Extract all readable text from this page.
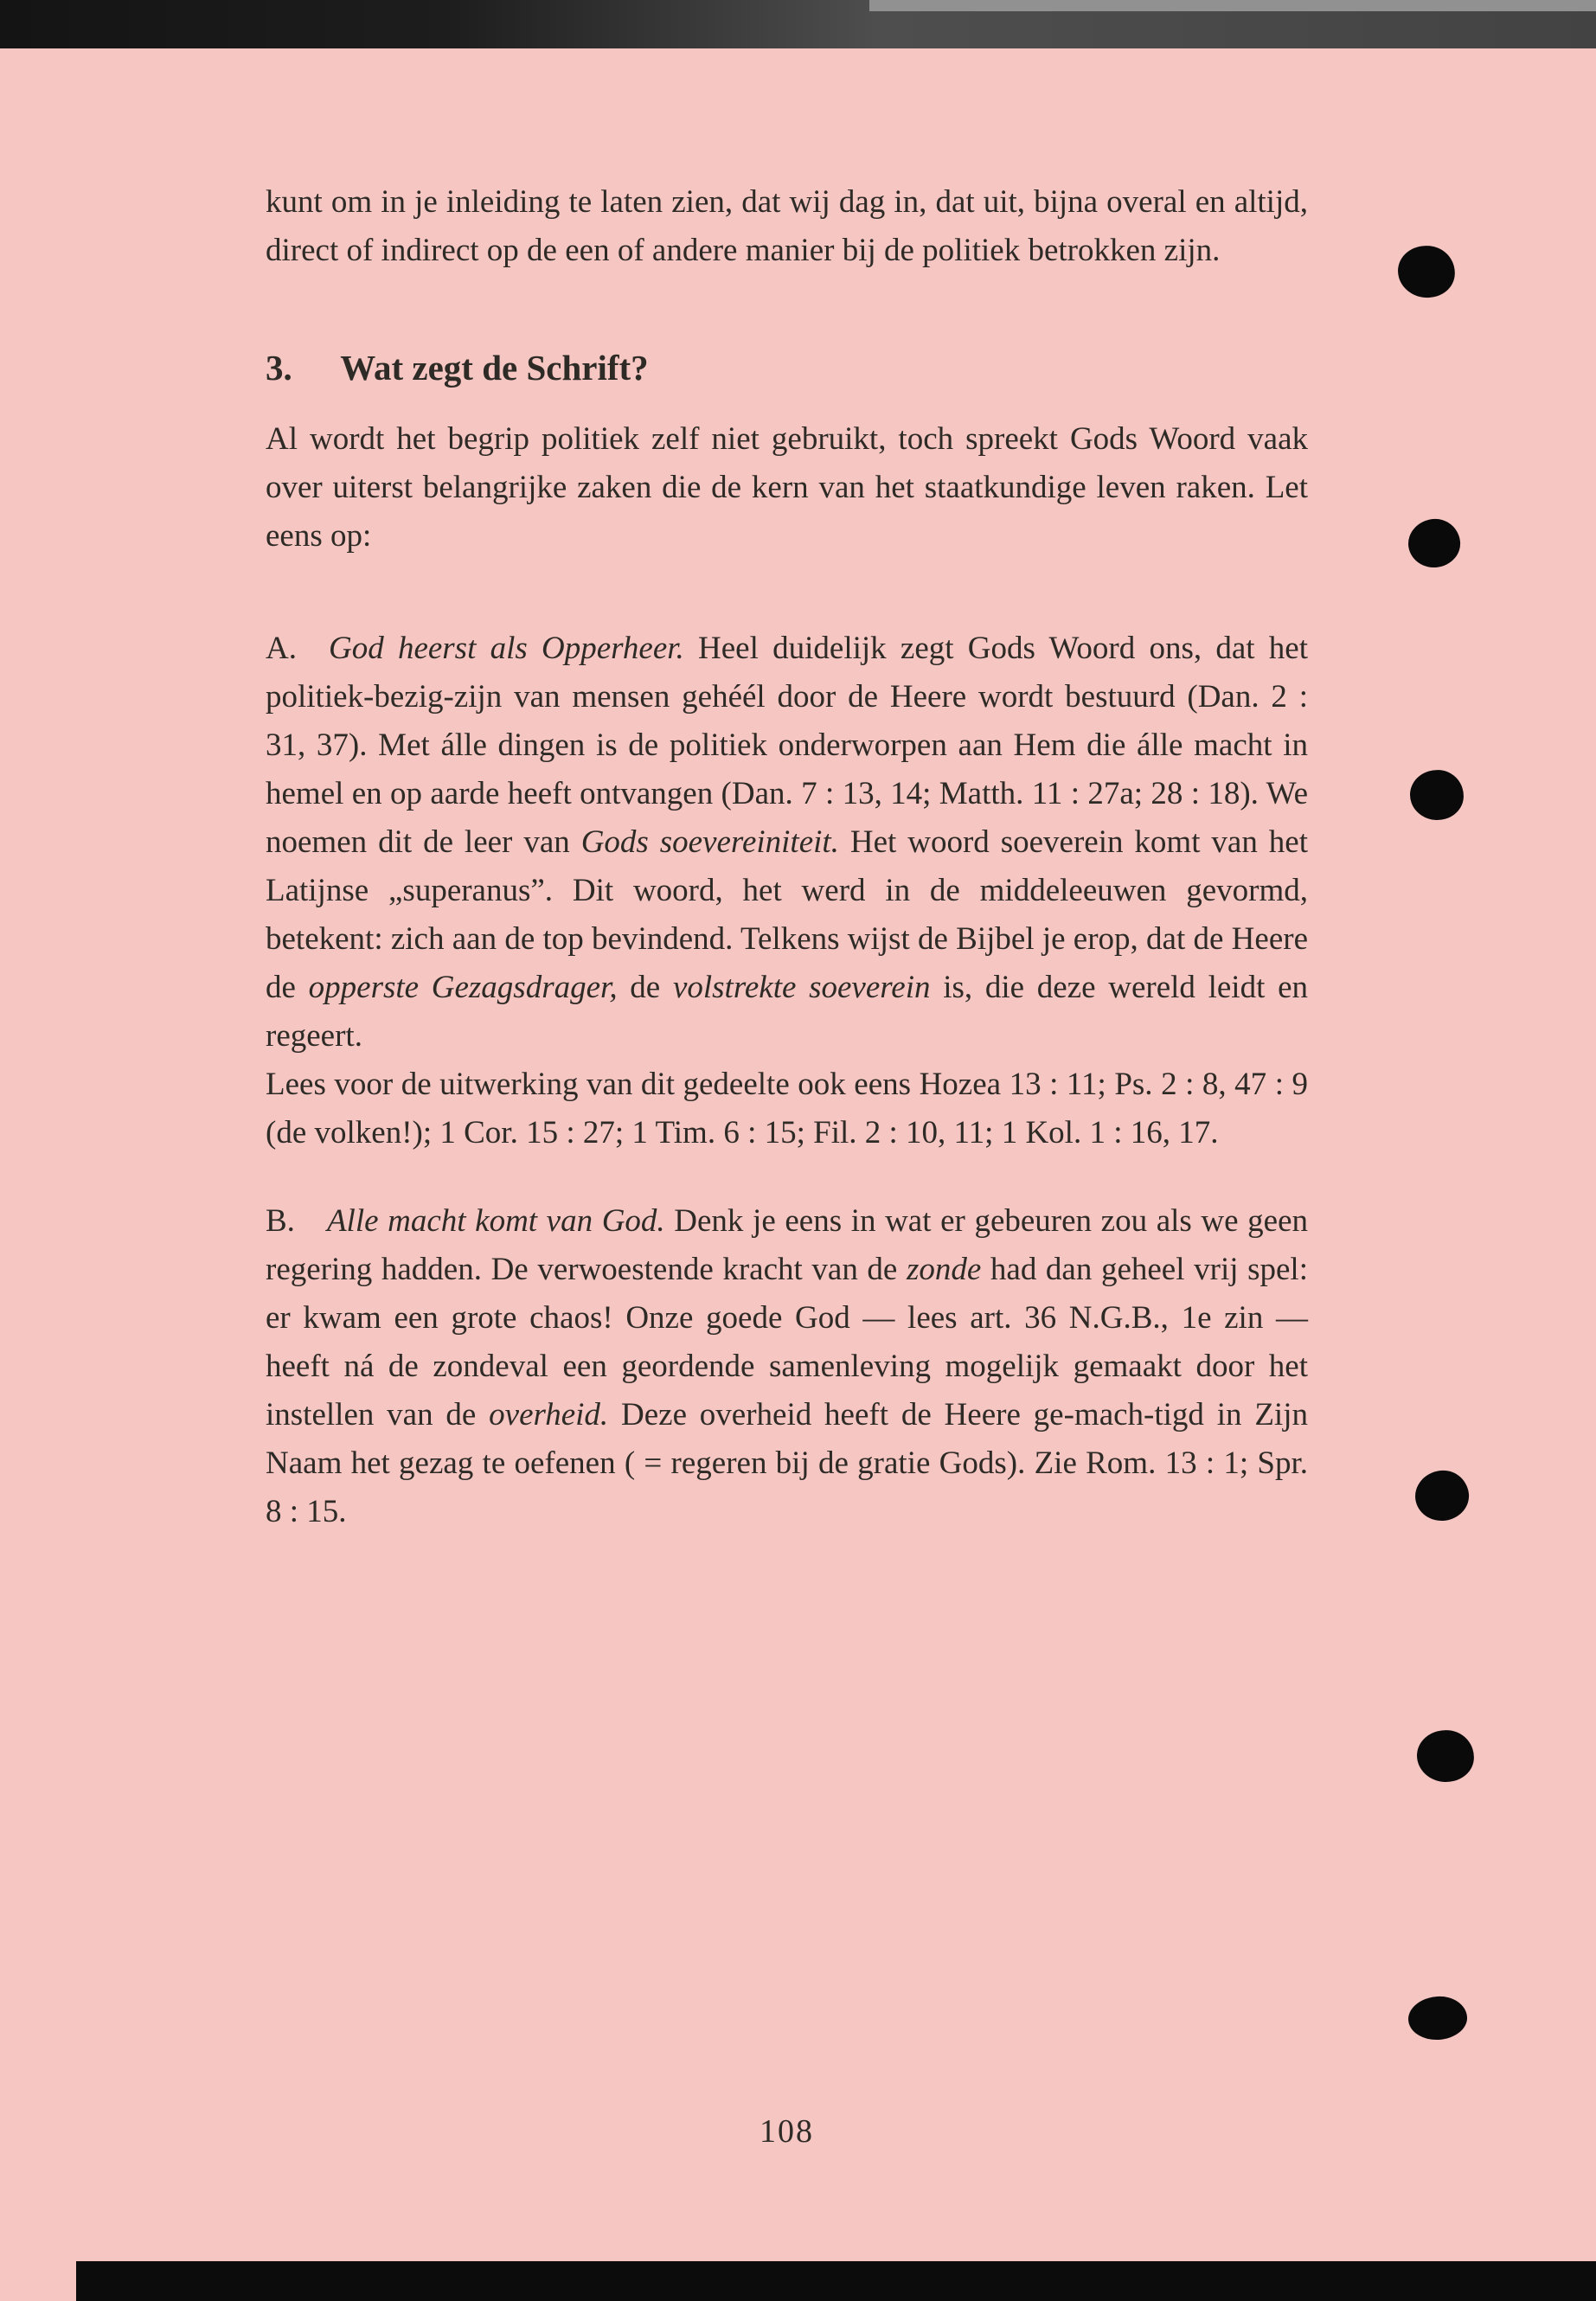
kunt om in je inleiding te laten zien, dat wij dag in, dat uit, bijna overal en altijd, direct of indirect op de een of andere manier bij de politiek betrokken zijn.

3. Wat zegt de Schrift?

Al wordt het begrip politiek zelf niet gebruikt, toch spreekt Gods Woord vaak over uiterst belangrijke zaken die de kern van het staatkundige leven raken. Let eens op:

A. God heerst als Opperheer. Heel duidelijk zegt Gods Woord ons, dat het politiek-bezig-zijn van mensen gehéél door de Heere wordt bestuurd (Dan. 2 : 31, 37). Met álle dingen is de politiek onderworpen aan Hem die álle macht in hemel en op aarde heeft ontvangen (Dan. 7 : 13, 14; Matth. 11 : 27a; 28 : 18). We noemen dit de leer van Gods soevereiniteit. Het woord soeverein komt van het Latijnse „superanus”. Dit woord, het werd in de middeleeuwen gevormd, betekent: zich aan de top bevindend. Telkens wijst de Bijbel je erop, dat de Heere de opperste Gezagsdrager, de volstrekte soeverein is, die deze wereld leidt en regeert.

Lees voor de uitwerking van dit gedeelte ook eens Hozea 13 : 11; Ps. 2 : 8, 47 : 9 (de volken!); 1 Cor. 15 : 27; 1 Tim. 6 : 15; Fil. 2 : 10, 11; 1 Kol. 1 : 16, 17.

B. Alle macht komt van God. Denk je eens in wat er gebeuren zou als we geen regering hadden. De verwoestende kracht van de zonde had dan geheel vrij spel: er kwam een grote chaos! Onze goede God — lees art. 36 N.G.B., 1e zin — heeft ná de zondeval een geordende samenleving mogelijk gemaakt door het instellen van de overheid. Deze overheid heeft de Heere ge-mach-tigd in Zijn Naam het gezag te oefenen ( = regeren bij de gratie Gods). Zie Rom. 13 : 1; Spr. 8 : 15.

108
